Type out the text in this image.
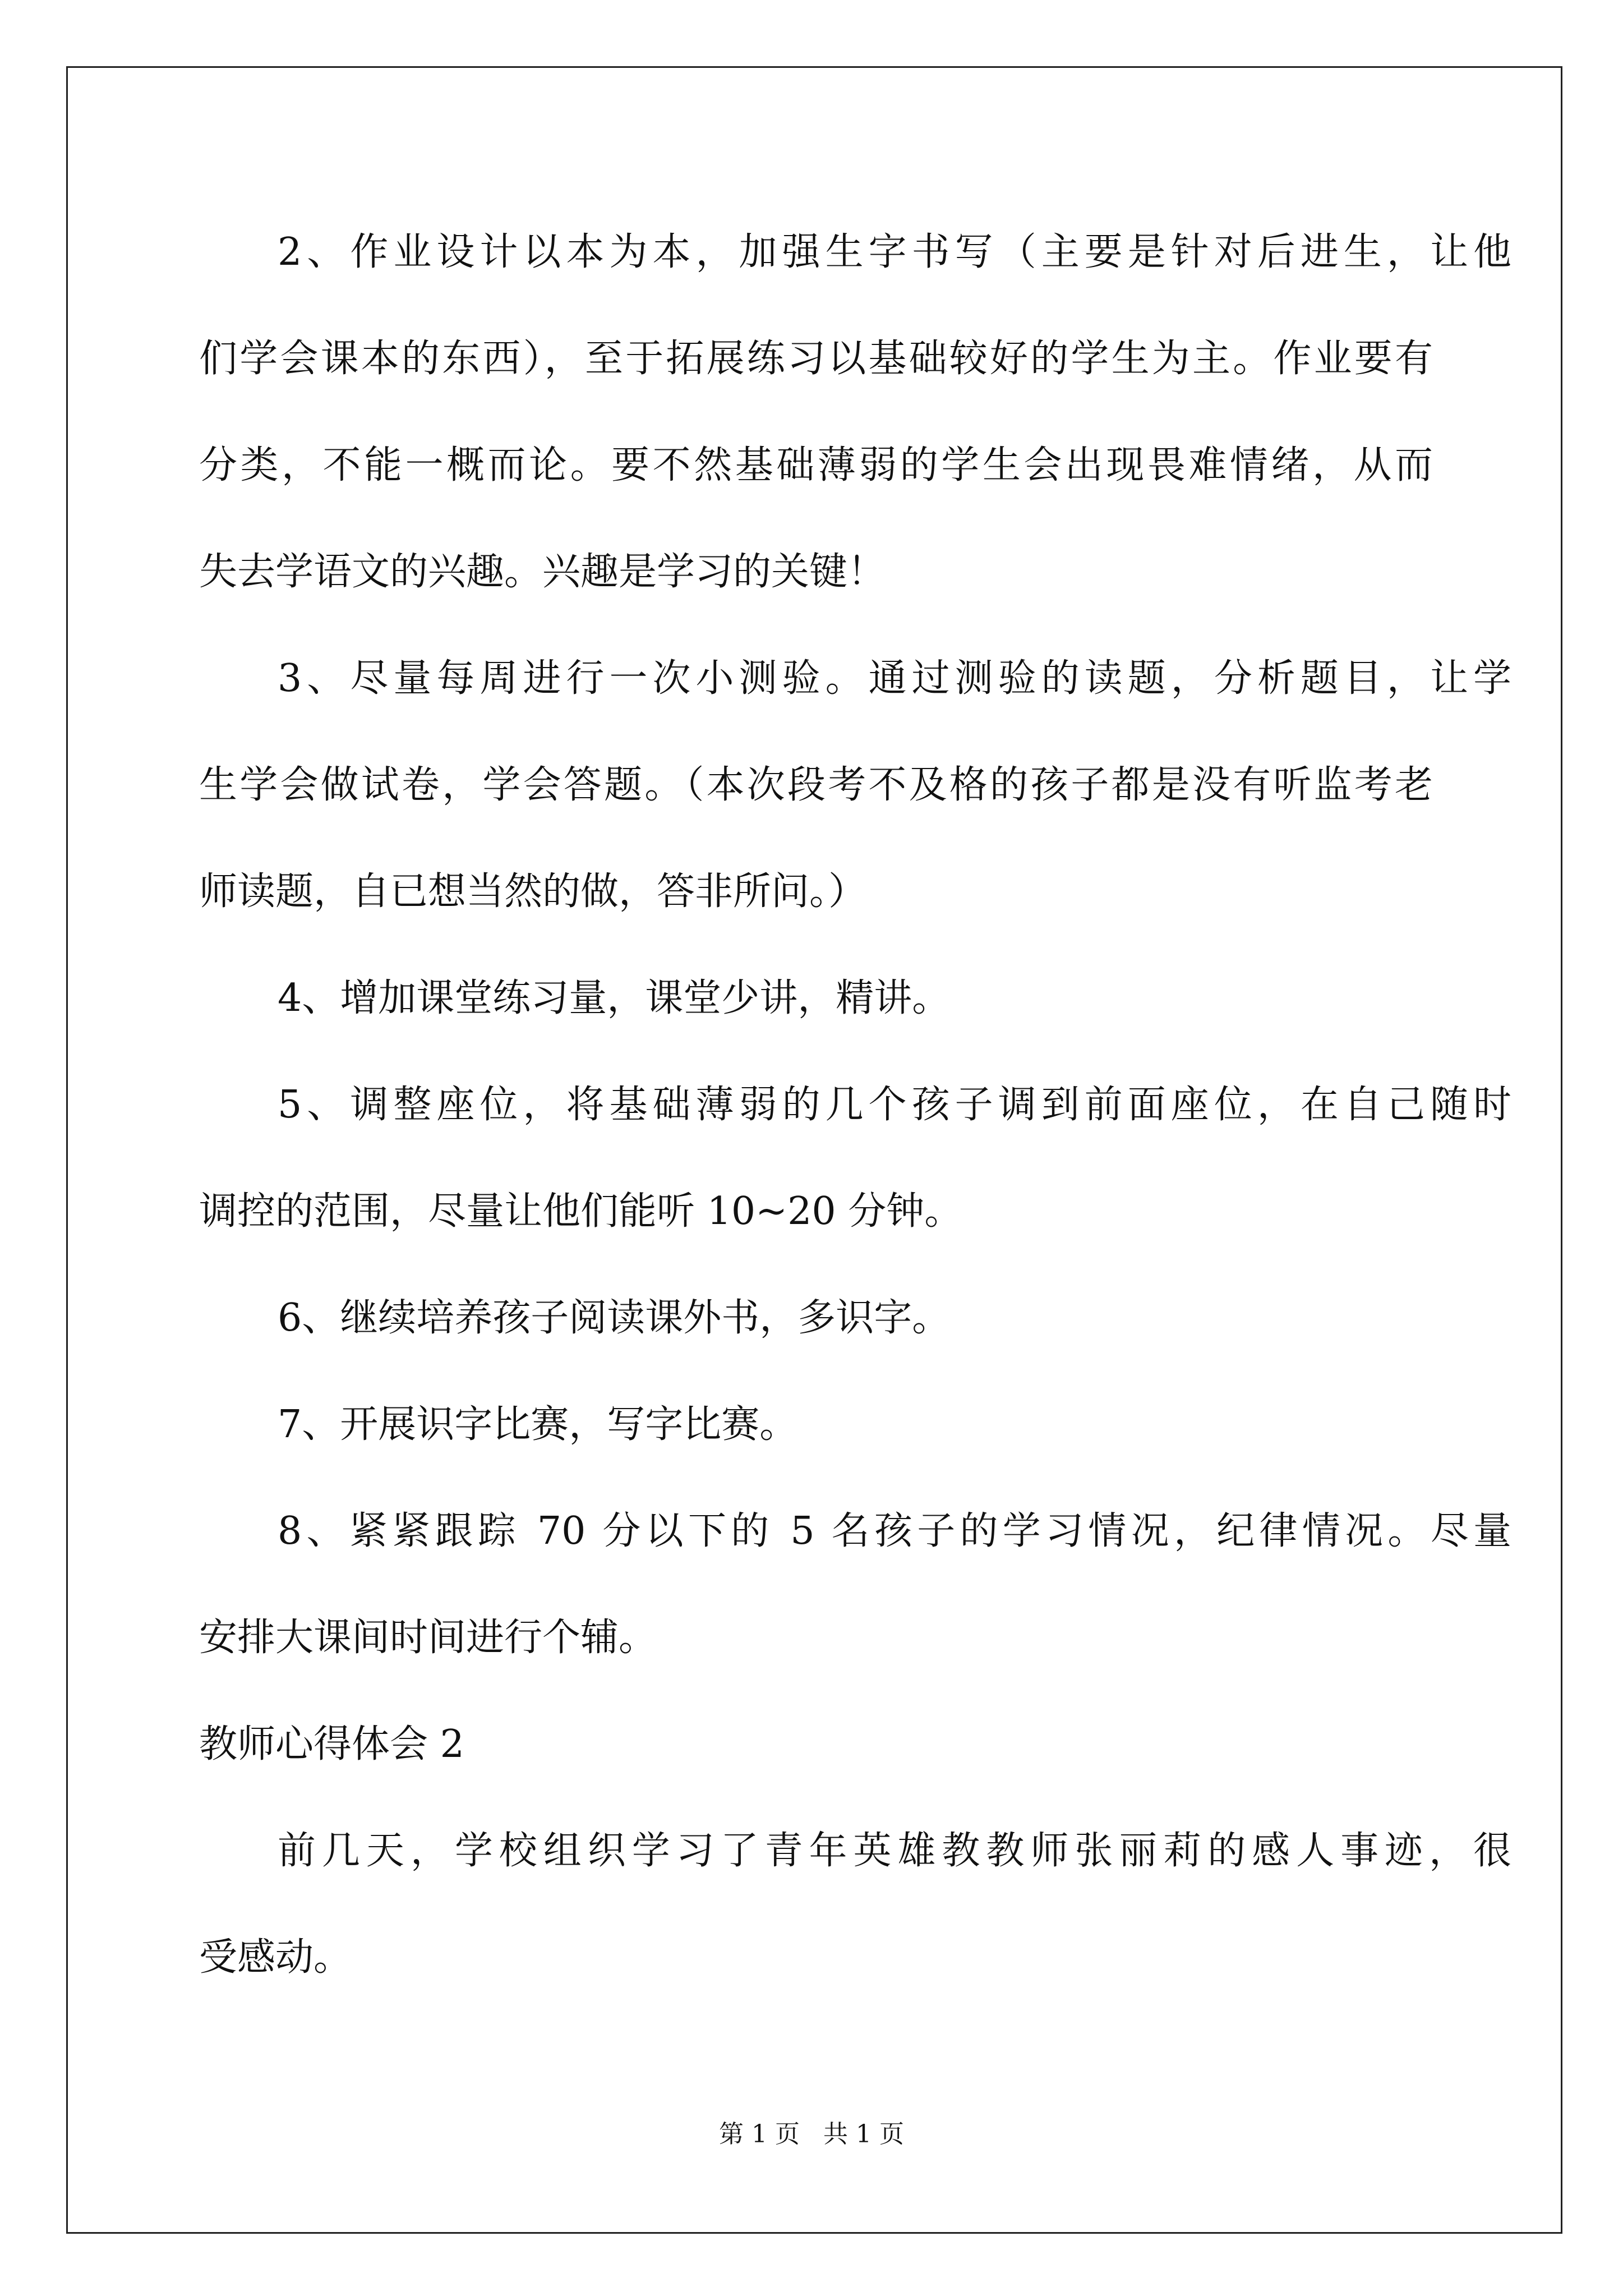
2、作业设计以本为本，加强生字书写（主要是针对后进生，让他
们学会课本的东西），至于拓展练习以基础较好的学生为主。作业要有
分类，不能一概而论。要不然基础薄弱的学生会出现畏难情绪，从而
失去学语文的兴趣。兴趣是学习的关键！
3、尽量每周进行一次小测验。通过测验的读题，分析题目，让学
生学会做试卷，学会答题。（本次段考不及格的孩子都是没有听监考老
师读题，自已想当然的做，答非所问。）
4、增加课堂练习量，课堂少讲，精讲。
5、调整座位，将基础薄弱的几个孩子调到前面座位，在自己随时
调控的范围，尽量让他们能听 10~20 分钟。
6、继续培养孩子阅读课外书，多识字。
7、开展识字比赛，写字比赛。
8、紧紧跟踪 70 分以下的 5 名孩子的学习情况，纪律情况。尽量
安排大课间时间进行个辅。
教师心得体会 2
前几天，学校组织学习了青年英雄教教师张丽莉的感人事迹，很
受感动。
第 1 页   共 1 页
